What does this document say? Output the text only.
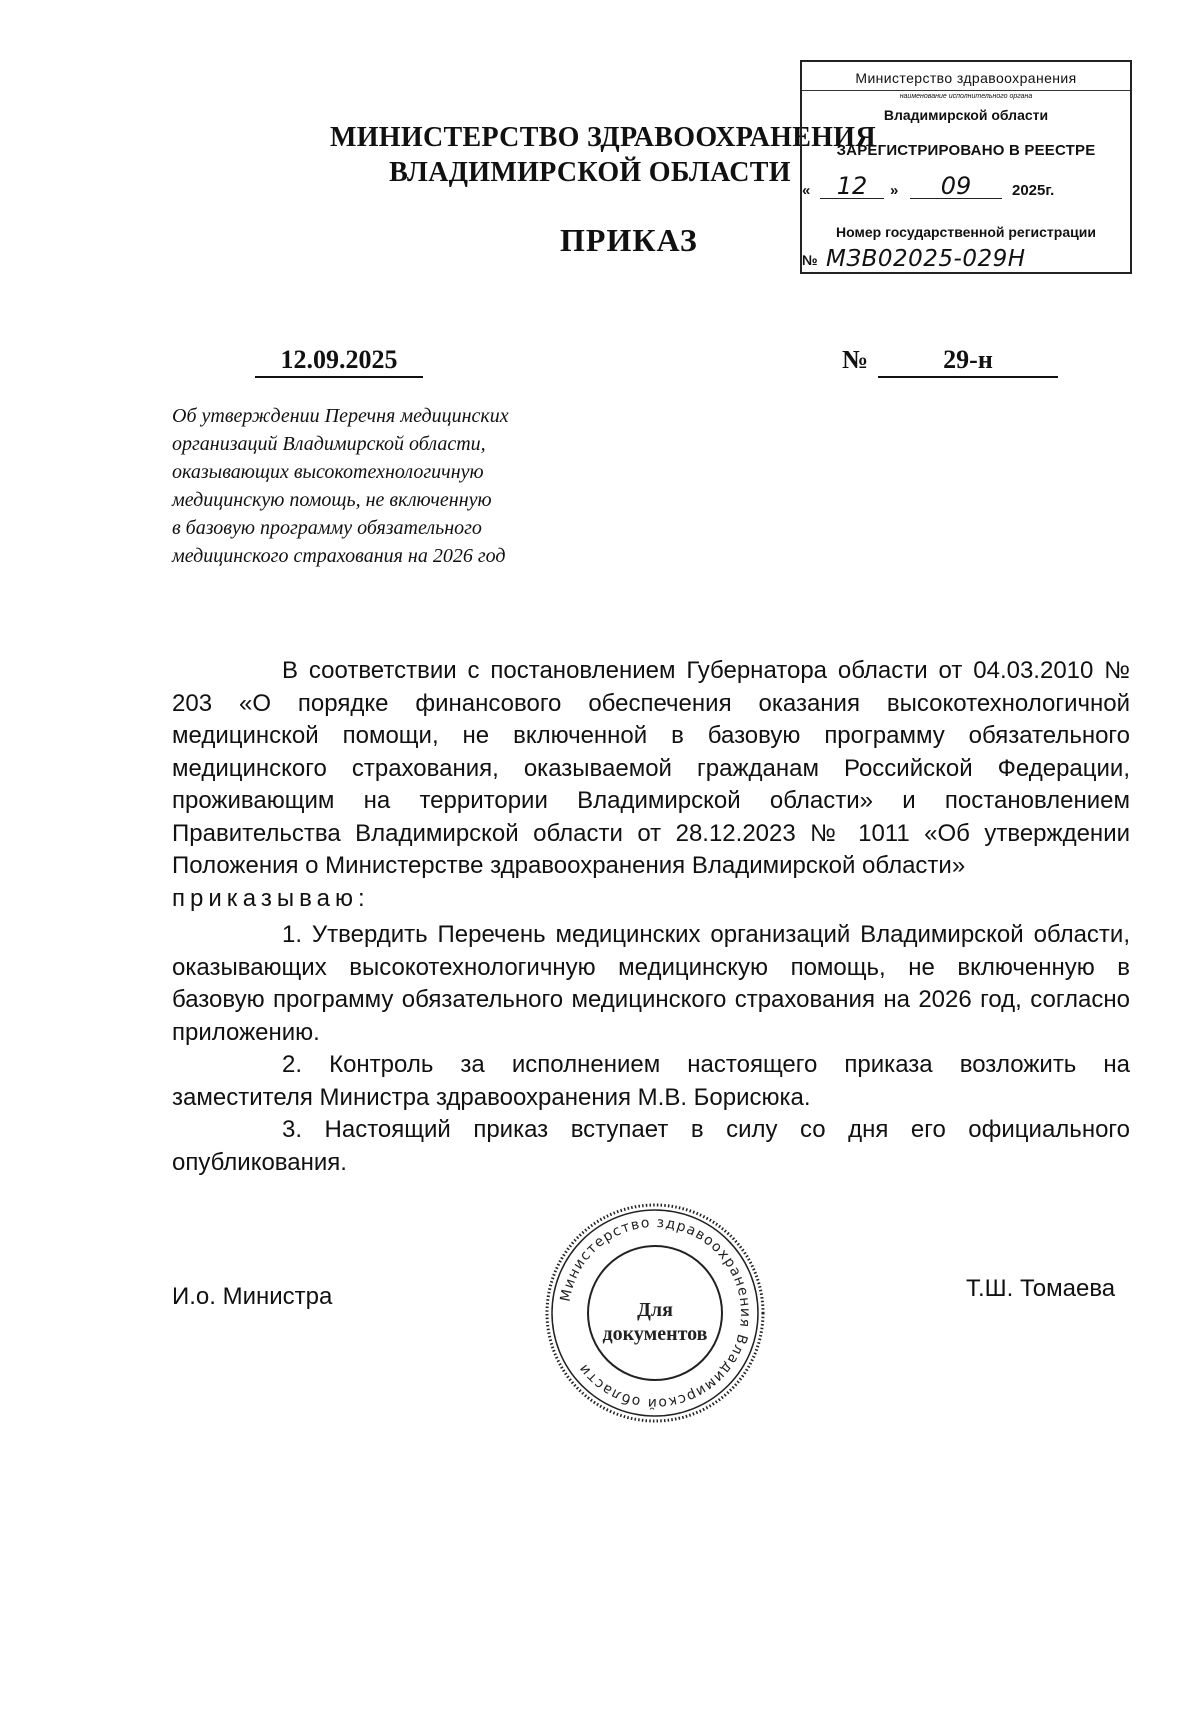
МИНИСТЕРСТВО ЗДРАВООХРАНЕНИЯ
ВЛАДИМИРСКОЙ ОБЛАСТИ
ПРИКАЗ
Министерство здравоохранения
наименование исполнительного органа
Владимирской области
ЗАРЕГИСТРИРОВАНО В РЕЕСТРЕ
«	12	»	09	2025г.
Номер государственной регистрации
№ МЗВ02025-029Н
12.09.2025	№	29-н
Об утверждении Перечня медицинских
организаций Владимирской области,
оказывающих высокотехнологичную
медицинскую помощь, не включенную
в базовую программу обязательного
медицинского страхования на 2026 год

В соответствии с постановлением Губернатора области от 04.03.2010 № 203 «О порядке финансового обеспечения оказания высокотехнологичной медицинской помощи, не включенной в базовую программу обязательного медицинского страхования, оказываемой гражданам Российской Федерации, проживающим на территории Владимирской области» и постановлением Правительства Владимирской области от 28.12.2023 № 1011 «Об утверждении Положения о Министерстве здравоохранения Владимирской области»

приказываю:

1. Утвердить Перечень медицинских организаций Владимирской области, оказывающих высокотехнологичную медицинскую помощь, не включенную в базовую программу обязательного медицинского страхования на 2026 год, согласно приложению.

2. Контроль за исполнением настоящего приказа возложить на заместителя Министра здравоохранения М.В. Борисюка.

3. Настоящий приказ вступает в силу со дня его официального опубликования.

И.о. Министра	Т.Ш. Томаева
Министерство здравоохранения Владимирской области
Для
документов
